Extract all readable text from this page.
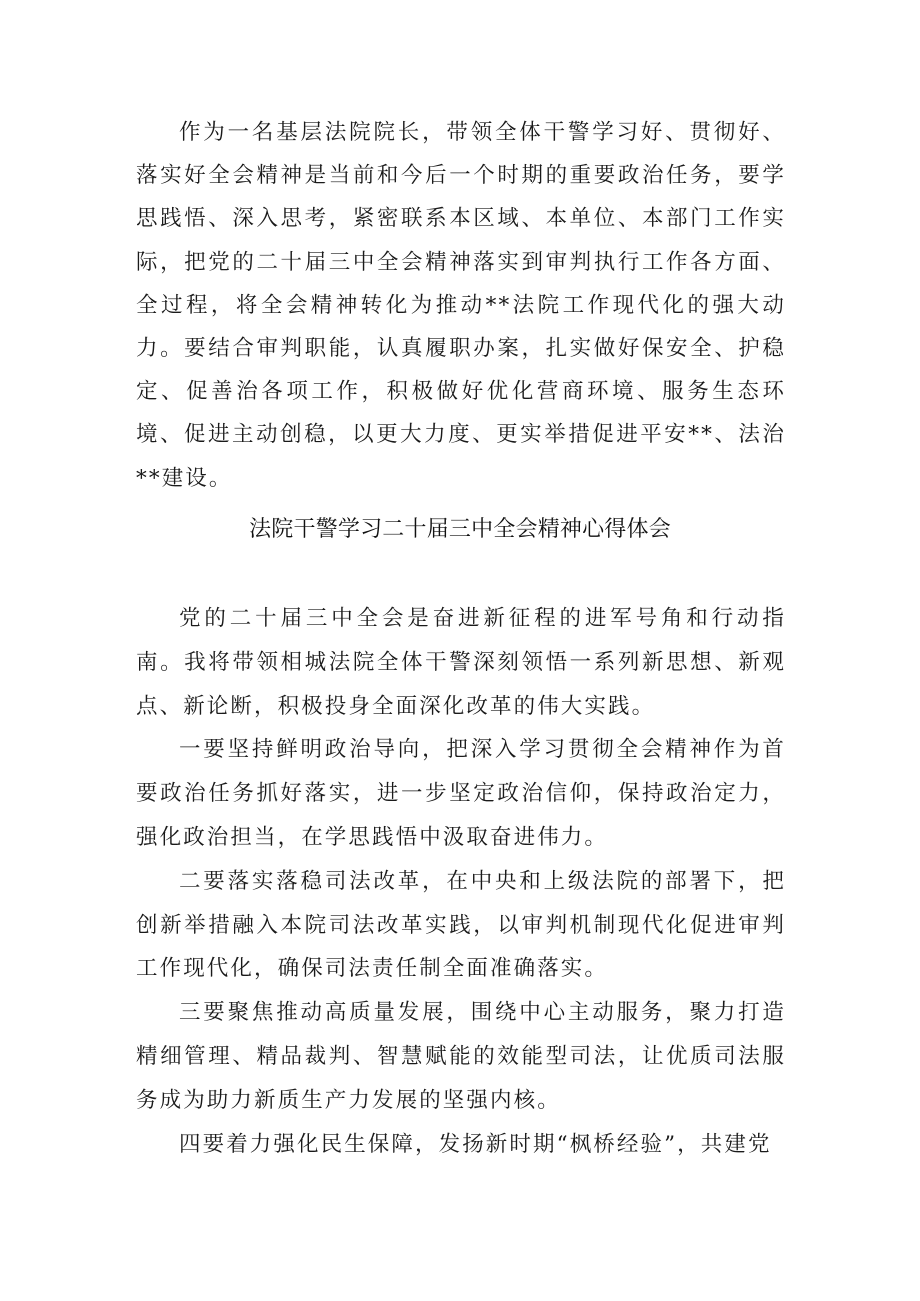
作为一名基层法院院长，带领全体干警学习好、贯彻好、落实好全会精神是当前和今后一个时期的重要政治任务，要学思践悟、深入思考，紧密联系本区域、本单位、本部门工作实际，把党的二十届三中全会精神落实到审判执行工作各方面、全过程，将全会精神转化为推动**法院工作现代化的强大动力。要结合审判职能，认真履职办案，扎实做好保安全、护稳定、促善治各项工作，积极做好优化营商环境、服务生态环境、促进主动创稳，以更大力度、更实举措促进平安**、法治**建设。

法院干警学习二十届三中全会精神心得体会

党的二十届三中全会是奋进新征程的进军号角和行动指南。我将带领相城法院全体干警深刻领悟一系列新思想、新观点、新论断，积极投身全面深化改革的伟大实践。

一要坚持鲜明政治导向，把深入学习贯彻全会精神作为首要政治任务抓好落实，进一步坚定政治信仰，保持政治定力，强化政治担当，在学思践悟中汲取奋进伟力。

二要落实落稳司法改革，在中央和上级法院的部署下，把创新举措融入本院司法改革实践，以审判机制现代化促进审判工作现代化，确保司法责任制全面准确落实。

三要聚焦推动高质量发展，围绕中心主动服务，聚力打造精细管理、精品裁判、智慧赋能的效能型司法，让优质司法服务成为助力新质生产力发展的坚强内核。

四要着力强化民生保障，发扬新时期“枫桥经验”，共建党
